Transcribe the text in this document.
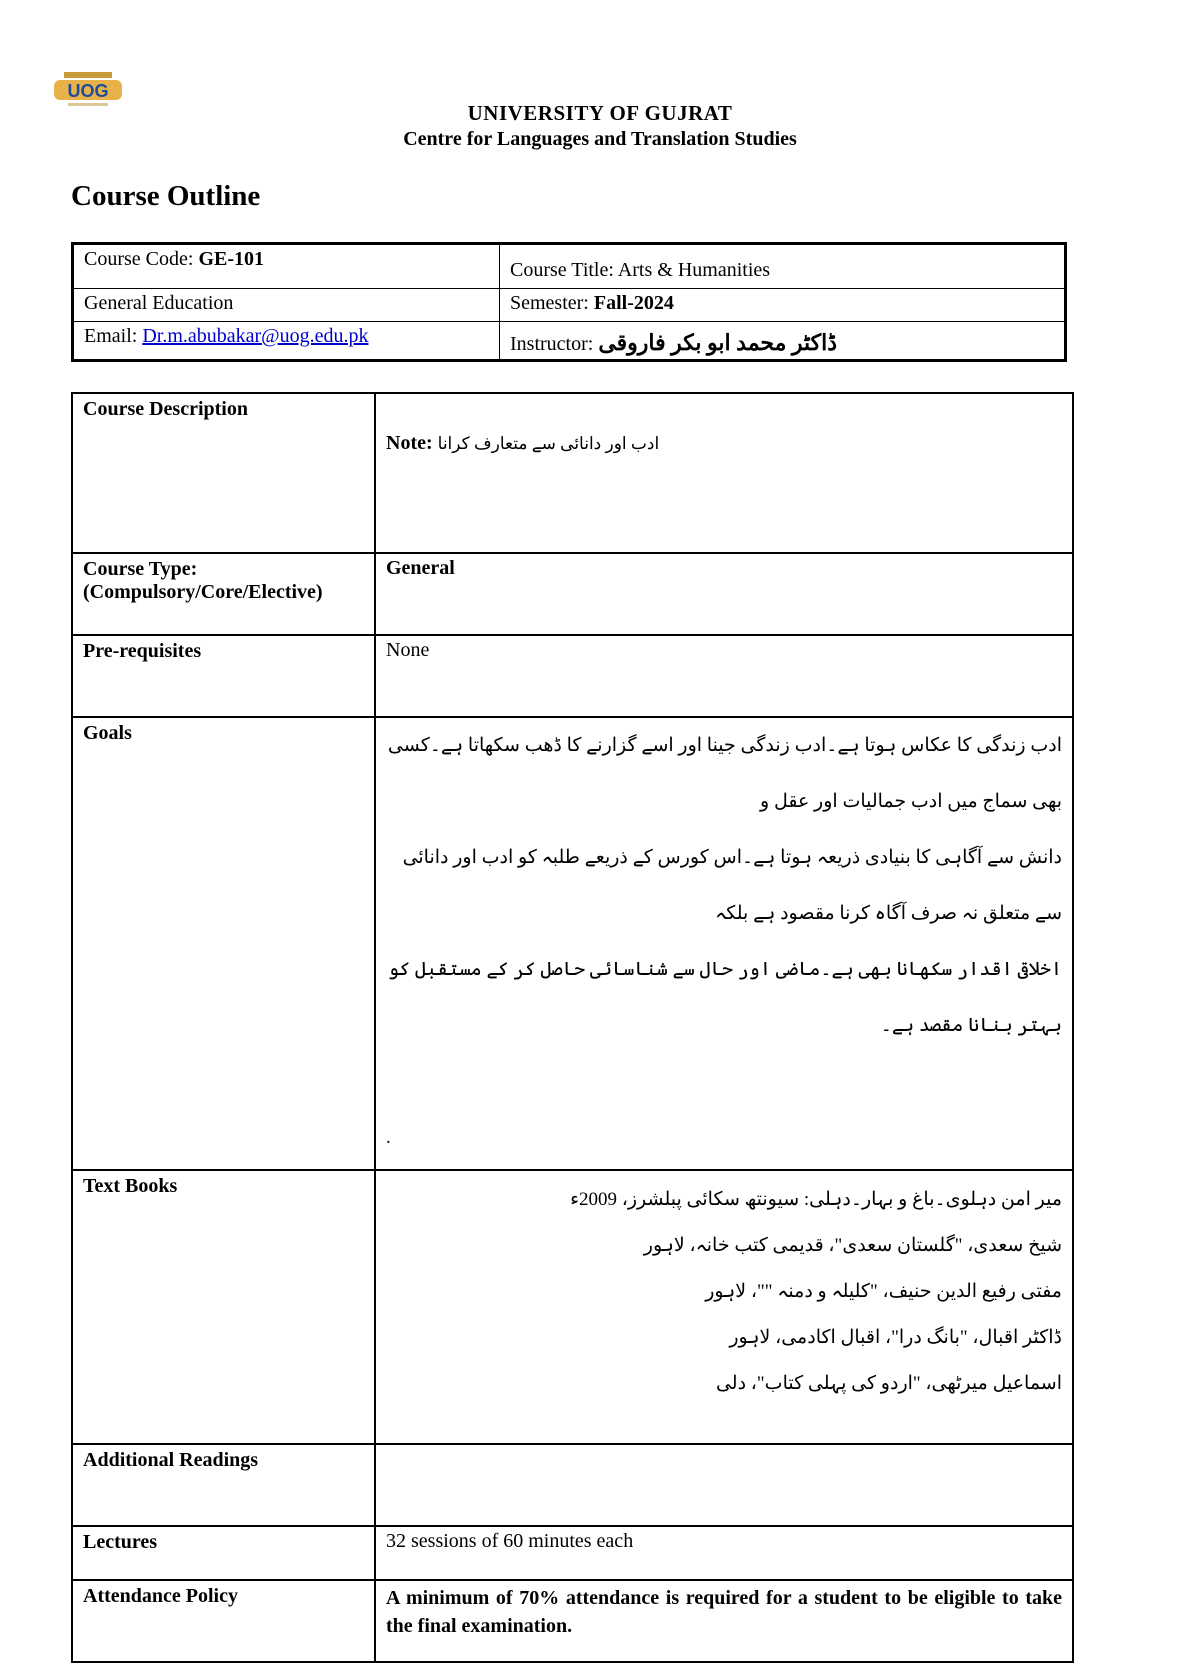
UOG
UNIVERSITY OF GUJRAT
Centre for Languages and Translation Studies
Course Outline
Course Code: GE-101	Course Title: Arts & Humanities
General Education	Semester: Fall-2024
Email: Dr.m.abubakar@uog.edu.pk	Instructor: ڈاکٹر محمد ابو بکر فاروقی
Course Description	Note: ادب اور دانائی سے متعارف کرانا

Course Type:
(Compulsory/Core/Elective)	General
Pre-requisites	None
Goals	ادب زندگی کا عکاس ہوتا ہے۔ادب زندگی جینا اور اسے گزارنے کا ڈھب سکھاتا ہے۔کسی بھی سماج میں ادب جمالیات اور عقل و

دانش سے آگاہی کا بنیادی ذریعہ ہوتا ہے۔اس کورس کے ذریعے طلبہ کو ادب اور دانائی سے متعلق نہ صرف آگاہ کرنا مقصود ہے بلکہ

اخلاقی اقدار سکھانا بھی ہے۔ماضی اور حال سے شناسائی حاصل کر کے مستقبل کو بہتر بنانا مقصد ہے۔

.

Text Books	میر امن دہلوی۔باغ و بہار۔دہلی: سیونتھ سکائی پبلشرز، 2009ء

شیخ سعدی، "گلستان سعدی"، قدیمی کتب خانہ، لاہور

مفتی رفیع الدین حنیف، "کلیلہ و دمنہ ""، لاہور

ڈاکٹر اقبال، "بانگ درا"، اقبال اکادمی، لاہور

اسماعیل میرٹھی، "اردو کی پہلی کتاب"، دلی

Additional Readings	
Lectures	32 sessions of 60 minutes each
Attendance Policy	A minimum of 70% attendance is required for a student to be eligible to take the final examination.
